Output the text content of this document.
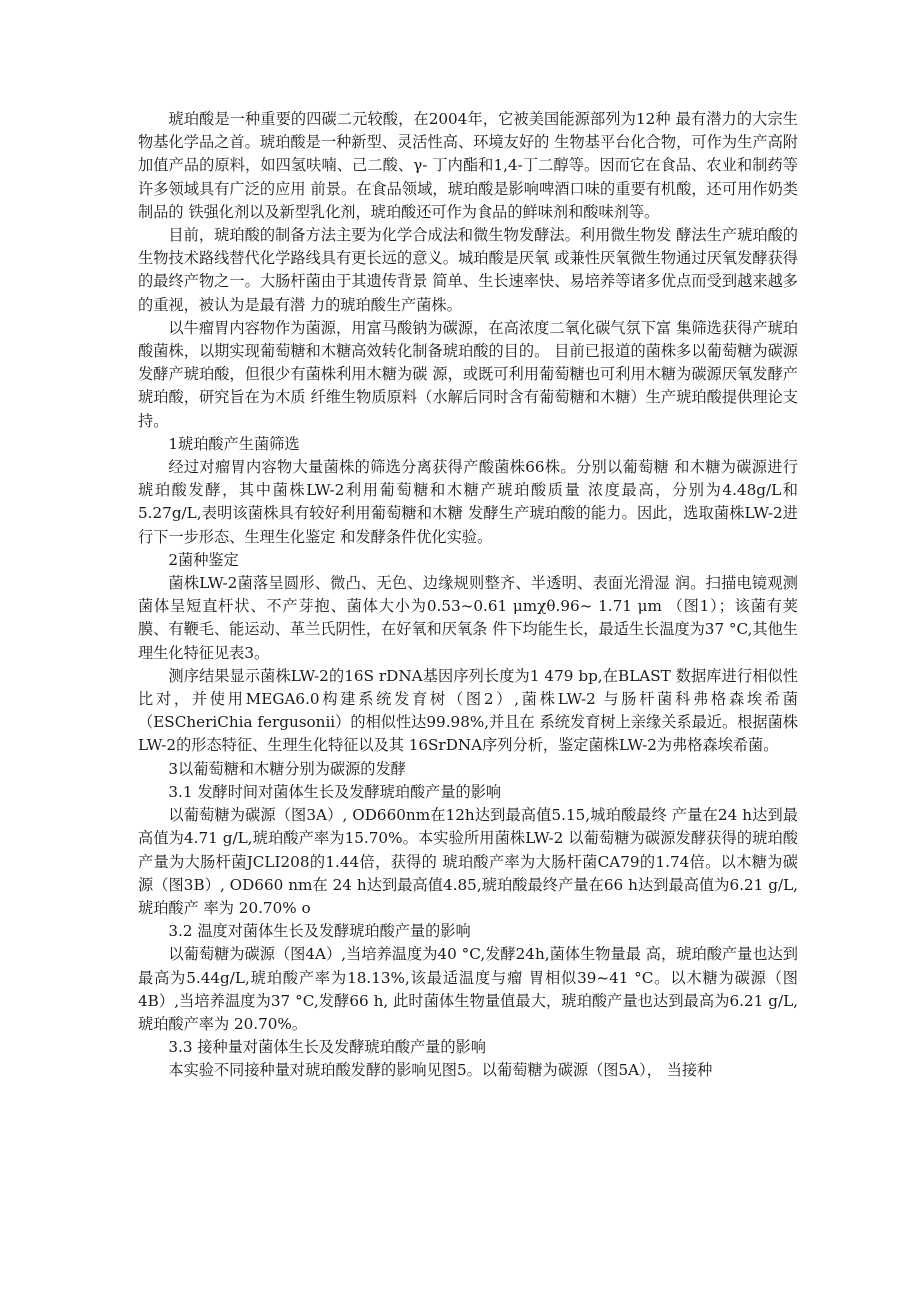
琥珀酸是一种重要的四碳二元较酸，在2004年，它被美国能源部列为12种 最有潜力的大宗生物基化学品之首。琥珀酸是一种新型、灵活性高、环境友好的 生物基平台化合物，可作为生产高附加值产品的原料，如四氢呋喃、己二酸、γ- 丁内酯和1,4-丁二醇等。因而它在食品、农业和制药等许多领域具有广泛的应用 前景。在食品领域，琥珀酸是影响啤酒口味的重要有机酸，还可用作奶类制品的 铁强化剂以及新型乳化剂，琥珀酸还可作为食品的鲜味剂和酸味剂等。

目前，琥珀酸的制备方法主要为化学合成法和微生物发酵法。利用微生物发 酵法生产琥珀酸的生物技术路线替代化学路线具有更长远的意义。城珀酸是厌氧 或兼性厌氧微生物通过厌氧发酵获得的最终产物之一。大肠杆菌由于其遗传背景 简单、生长速率快、易培养等诸多优点而受到越来越多的重视，被认为是最有潜 力的琥珀酸生产菌株。

以牛瘤胃内容物作为菌源，用富马酸钠为碳源，在高浓度二氧化碳气氛下富 集筛选获得产琥珀酸菌株，以期实现葡萄糖和木糖高效转化制备琥珀酸的目的。 目前已报道的菌株多以葡萄糖为碳源发酵产琥珀酸，但很少有菌株利用木糖为碳 源，或既可利用葡萄糖也可利用木糖为碳源厌氧发酵产琥珀酸，研究旨在为木质 纤维生物质原料（水解后同时含有葡萄糖和木糖）生产琥珀酸提供理论支持。

1琥珀酸产生菌筛选

经过对瘤胃内容物大量菌株的筛选分离获得产酸菌株66株。分别以葡萄糖 和木糖为碳源进行琥珀酸发酵，其中菌株LW-2利用葡萄糖和木糖产琥珀酸质量 浓度最高，分别为4.48g/L和5.27g/L,表明该菌株具有较好利用葡萄糖和木糖 发酵生产琥珀酸的能力。因此，选取菌株LW-2进行下一步形态、生理生化鉴定 和发酵条件优化实验。

2菌种鉴定

菌株LW-2菌落呈圆形、微凸、无色、边缘规则整齐、半透明、表面光滑湿 润。扫描电镜观测菌体呈短直杆状、不产芽抱、菌体大小为0.53~0.61 μmχθ.96~ 1.71 μm （图1）；该菌有荚膜、有鞭毛、能运动、革兰氏阴性，在好氧和厌氧条 件下均能生长，最适生长温度为37 °C,其他生理生化特征见表3。

测序结果显示菌株LW-2的16S rDNA基因序列长度为1 479 bp,在BLAST 数据库进行相似性比对，并使用MEGA6.0构建系统发育树（图2）,菌株LW-2 与肠杆菌科弗格森埃希菌（ESCheriChia fergusonii）的相似性达99.98%,并且在 系统发育树上亲缘关系最近。根据菌株LW-2的形态特征、生理生化特征以及其 16SrDNA序列分析，鉴定菌株LW-2为弗格森埃希菌。

3以葡萄糖和木糖分别为碳源的发酵

3.1 发酵时间对菌体生长及发酵琥珀酸产量的影响

以葡萄糖为碳源（图3A）, OD660nm在12h达到最高值5.15,城珀酸最终 产量在24 h达到最高值为4.71 g/L,琥珀酸产率为15.70%。本实验所用菌株LW-2 以葡萄糖为碳源发酵获得的琥珀酸产量为大肠杆菌JCLI208的1.44倍，获得的 琥珀酸产率为大肠杆菌CA79的1.74倍。以木糖为碳源（图3B）, OD660 nm在 24 h达到最高值4.85,琥珀酸最终产量在66 h达到最高值为6.21 g/L,琥珀酸产 率为 20.70% o

3.2 温度对菌体生长及发酵琥珀酸产量的影响

以葡萄糖为碳源（图4A）,当培养温度为40 °C,发酵24h,菌体生物量最 高，琥珀酸产量也达到最高为5.44g/L,琥珀酸产率为18.13%,该最适温度与瘤 胃相似39~41 °C。以木糖为碳源（图4B）,当培养温度为37 °C,发酵66 h, 此时菌体生物量值最大，琥珀酸产量也达到最高为6.21 g/L,琥珀酸产率为 20.70%。

3.3 接种量对菌体生长及发酵琥珀酸产量的影响

本实验不同接种量对琥珀酸发酵的影响见图5。以葡萄糖为碳源（图5A）， 当接种
